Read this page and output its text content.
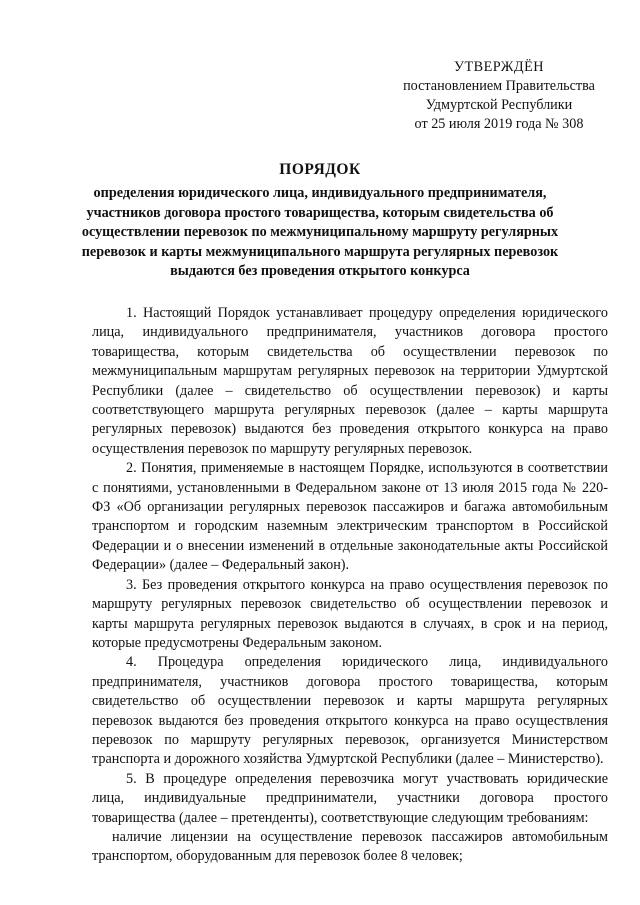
УТВЕРЖДЁН
постановлением Правительства
Удмуртской Республики
от 25 июля 2019 года № 308
ПОРЯДОК
определения юридического лица, индивидуального предпринимателя, участников договора простого товарищества, которым свидетельства об осуществлении перевозок по межмуниципальному маршруту регулярных перевозок и карты межмуниципального маршрута регулярных перевозок выдаются без проведения открытого конкурса

1. Настоящий Порядок устанавливает процедуру определения юридического лица, индивидуального предпринимателя, участников договора простого товарищества, которым свидетельства об осуществлении перевозок по межмуниципальным маршрутам регулярных перевозок на территории Удмуртской Республики (далее – свидетельство об осуществлении перевозок) и карты соответствующего маршрута регулярных перевозок (далее – карты маршрута регулярных перевозок) выдаются без проведения открытого конкурса на право осуществления перевозок по маршруту регулярных перевозок.

2. Понятия, применяемые в настоящем Порядке, используются в соответствии с понятиями, установленными в Федеральном законе от 13 июля 2015 года № 220-ФЗ «Об организации регулярных перевозок пассажиров и багажа автомобильным транспортом и городским наземным электрическим транспортом в Российской Федерации и о внесении изменений в отдельные законодательные акты Российской Федерации» (далее – Федеральный закон).

3. Без проведения открытого конкурса на право осуществления перевозок по маршруту регулярных перевозок свидетельство об осуществлении перевозок и карты маршрута регулярных перевозок выдаются в случаях, в срок и на период, которые предусмотрены Федеральным законом.

4. Процедура определения юридического лица, индивидуального предпринимателя, участников договора простого товарищества, которым свидетельство об осуществлении перевозок и карты маршрута регулярных перевозок выдаются без проведения открытого конкурса на право осуществления перевозок по маршруту регулярных перевозок, организуется Министерством транспорта и дорожного хозяйства Удмуртской Республики (далее – Министерство).

5. В процедуре определения перевозчика могут участвовать юридические лица, индивидуальные предприниматели, участники договора простого товарищества (далее – претенденты), соответствующие следующим требованиям:

наличие лицензии на осуществление перевозок пассажиров автомобильным транспортом, оборудованным для перевозок более 8 человек;
